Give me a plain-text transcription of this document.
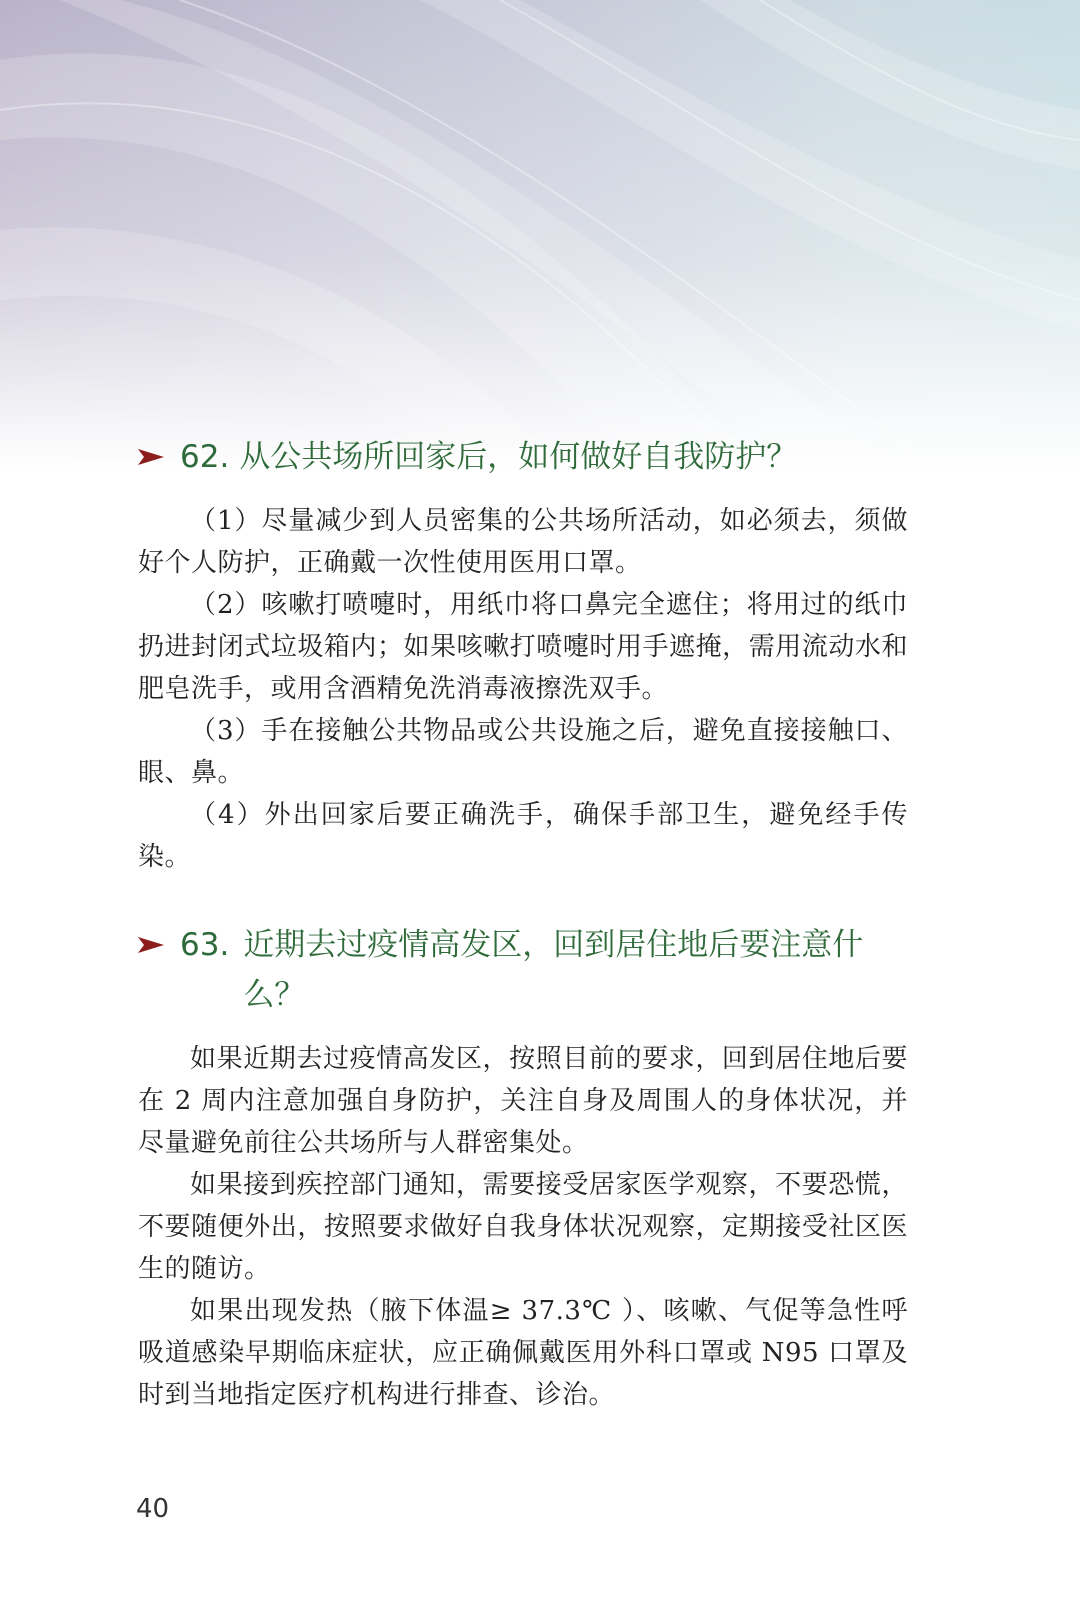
62. 从公共场所回家后，如何做好自我防护？

（1）尽量减少到人员密集的公共场所活动，如必须去，须做好个人防护，正确戴一次性使用医用口罩。

（2）咳嗽打喷嚏时，用纸巾将口鼻完全遮住；将用过的纸巾扔进封闭式垃圾箱内；如果咳嗽打喷嚏时用手遮掩，需用流动水和肥皂洗手，或用含酒精免洗消毒液擦洗双手。

（3）手在接触公共物品或公共设施之后，避免直接接触口、眼、鼻。

（4）外出回家后要正确洗手，确保手部卫生，避免经手传染。

63. 近期去过疫情高发区，回到居住地后要注意什么？

如果近期去过疫情高发区，按照目前的要求，回到居住地后要在 2 周内注意加强自身防护，关注自身及周围人的身体状况，并尽量避免前往公共场所与人群密集处。

如果接到疾控部门通知，需要接受居家医学观察，不要恐慌，不要随便外出，按照要求做好自我身体状况观察，定期接受社区医生的随访。

如果出现发热（腋下体温≥ 37.3℃ ）、咳嗽、气促等急性呼吸道感染早期临床症状，应正确佩戴医用外科口罩或 N95 口罩及时到当地指定医疗机构进行排查、诊治。

40
